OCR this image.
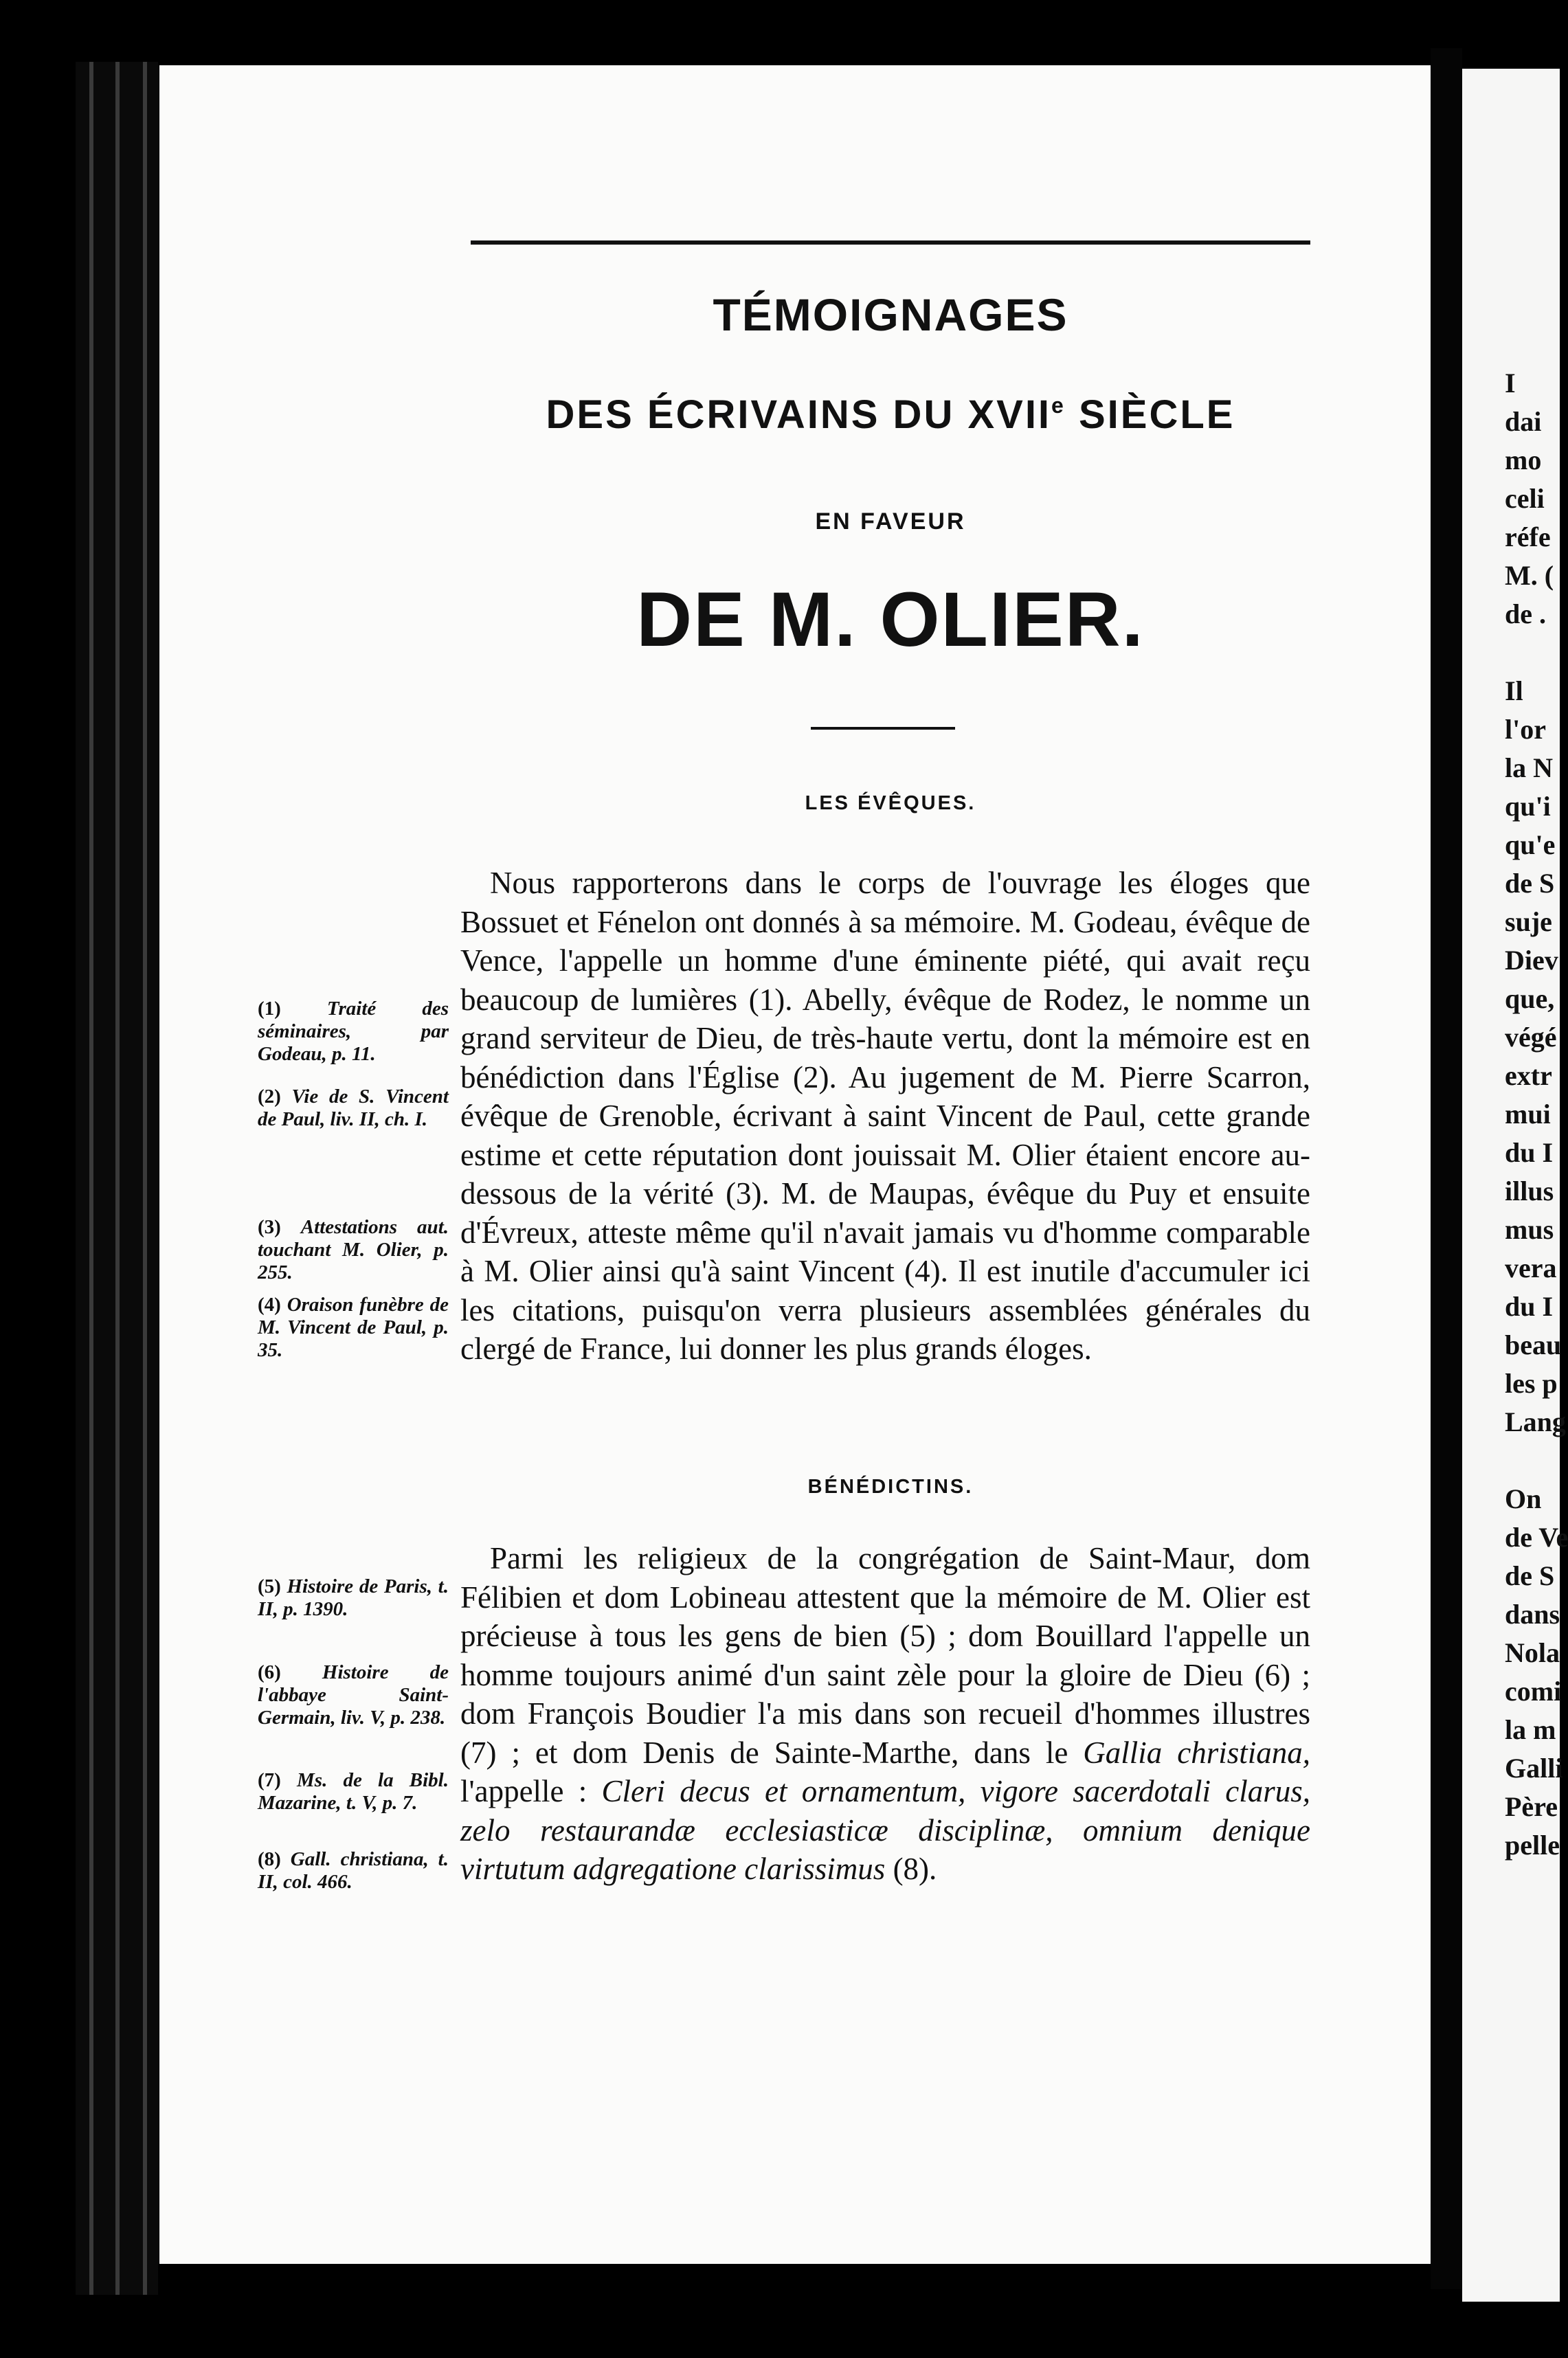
TÉMOIGNAGES
DES ÉCRIVAINS DU XVIIe SIÈCLE
EN FAVEUR
DE M. OLIER.
LES ÉVÊQUES.

Nous rapporterons dans le corps de l'ouvrage les éloges que Bossuet et Fénelon ont donnés à sa mémoire. M. Godeau, évêque de Vence, l'appelle un homme d'une éminente piété, qui avait reçu beaucoup de lumières (1). Abelly, évêque de Rodez, le nomme un grand serviteur de Dieu, de très-haute vertu, dont la mémoire est en bénédiction dans l'Église (2). Au jugement de M. Pierre Scarron, évêque de Grenoble, écrivant à saint Vincent de Paul, cette grande estime et cette réputation dont jouissait M. Olier étaient encore au-dessous de la vérité (3). M. de Maupas, évêque du Puy et ensuite d'Évreux, atteste même qu'il n'avait jamais vu d'homme comparable à M. Olier ainsi qu'à saint Vincent (4). Il est inutile d'accumuler ici les citations, puisqu'on verra plusieurs assemblées générales du clergé de France, lui donner les plus grands éloges.

BÉNÉDICTINS.

Parmi les religieux de la congrégation de Saint-Maur, dom Félibien et dom Lobineau attestent que la mémoire de M. Olier est précieuse à tous les gens de bien (5) ; dom Bouillard l'appelle un homme toujours animé d'un saint zèle pour la gloire de Dieu (6) ; dom François Boudier l'a mis dans son recueil d'hommes illustres (7) ; et dom Denis de Sainte-Marthe, dans le Gallia christiana, l'appelle : Cleri decus et ornamentum, vigore sacerdotali clarus, zelo restaurandæ ecclesiasticæ disciplinæ, omnium denique virtutum adgregatione clarissimus (8).

(1) Traité des séminaires, par Godeau, p. 11.
(2) Vie de S. Vincent de Paul, liv. II, ch. I.
(3) Attestations aut. touchant M. Olier, p. 255.
(4) Oraison funèbre de M. Vincent de Paul, p. 35.
(5) Histoire de Paris, t. II, p. 1390.
(6) Histoire de l'abbaye Saint-Germain, liv. V, p. 238.
(7) Ms. de la Bibl. Mazarine, t. V, p. 7.
(8) Gall. christiana, t. II, col. 466.
I
dai
mo
celi
réfe
M. (
de .
Il
l'or
la N
qu'i
qu'e
de S
suje
Diev
que,
végé
extr
mui
du I
illus
mus
vera
du I
beau
les p
Lang
On
de Ve
de S
dans
Nola
comi
la m
Galli
Père
pelle
